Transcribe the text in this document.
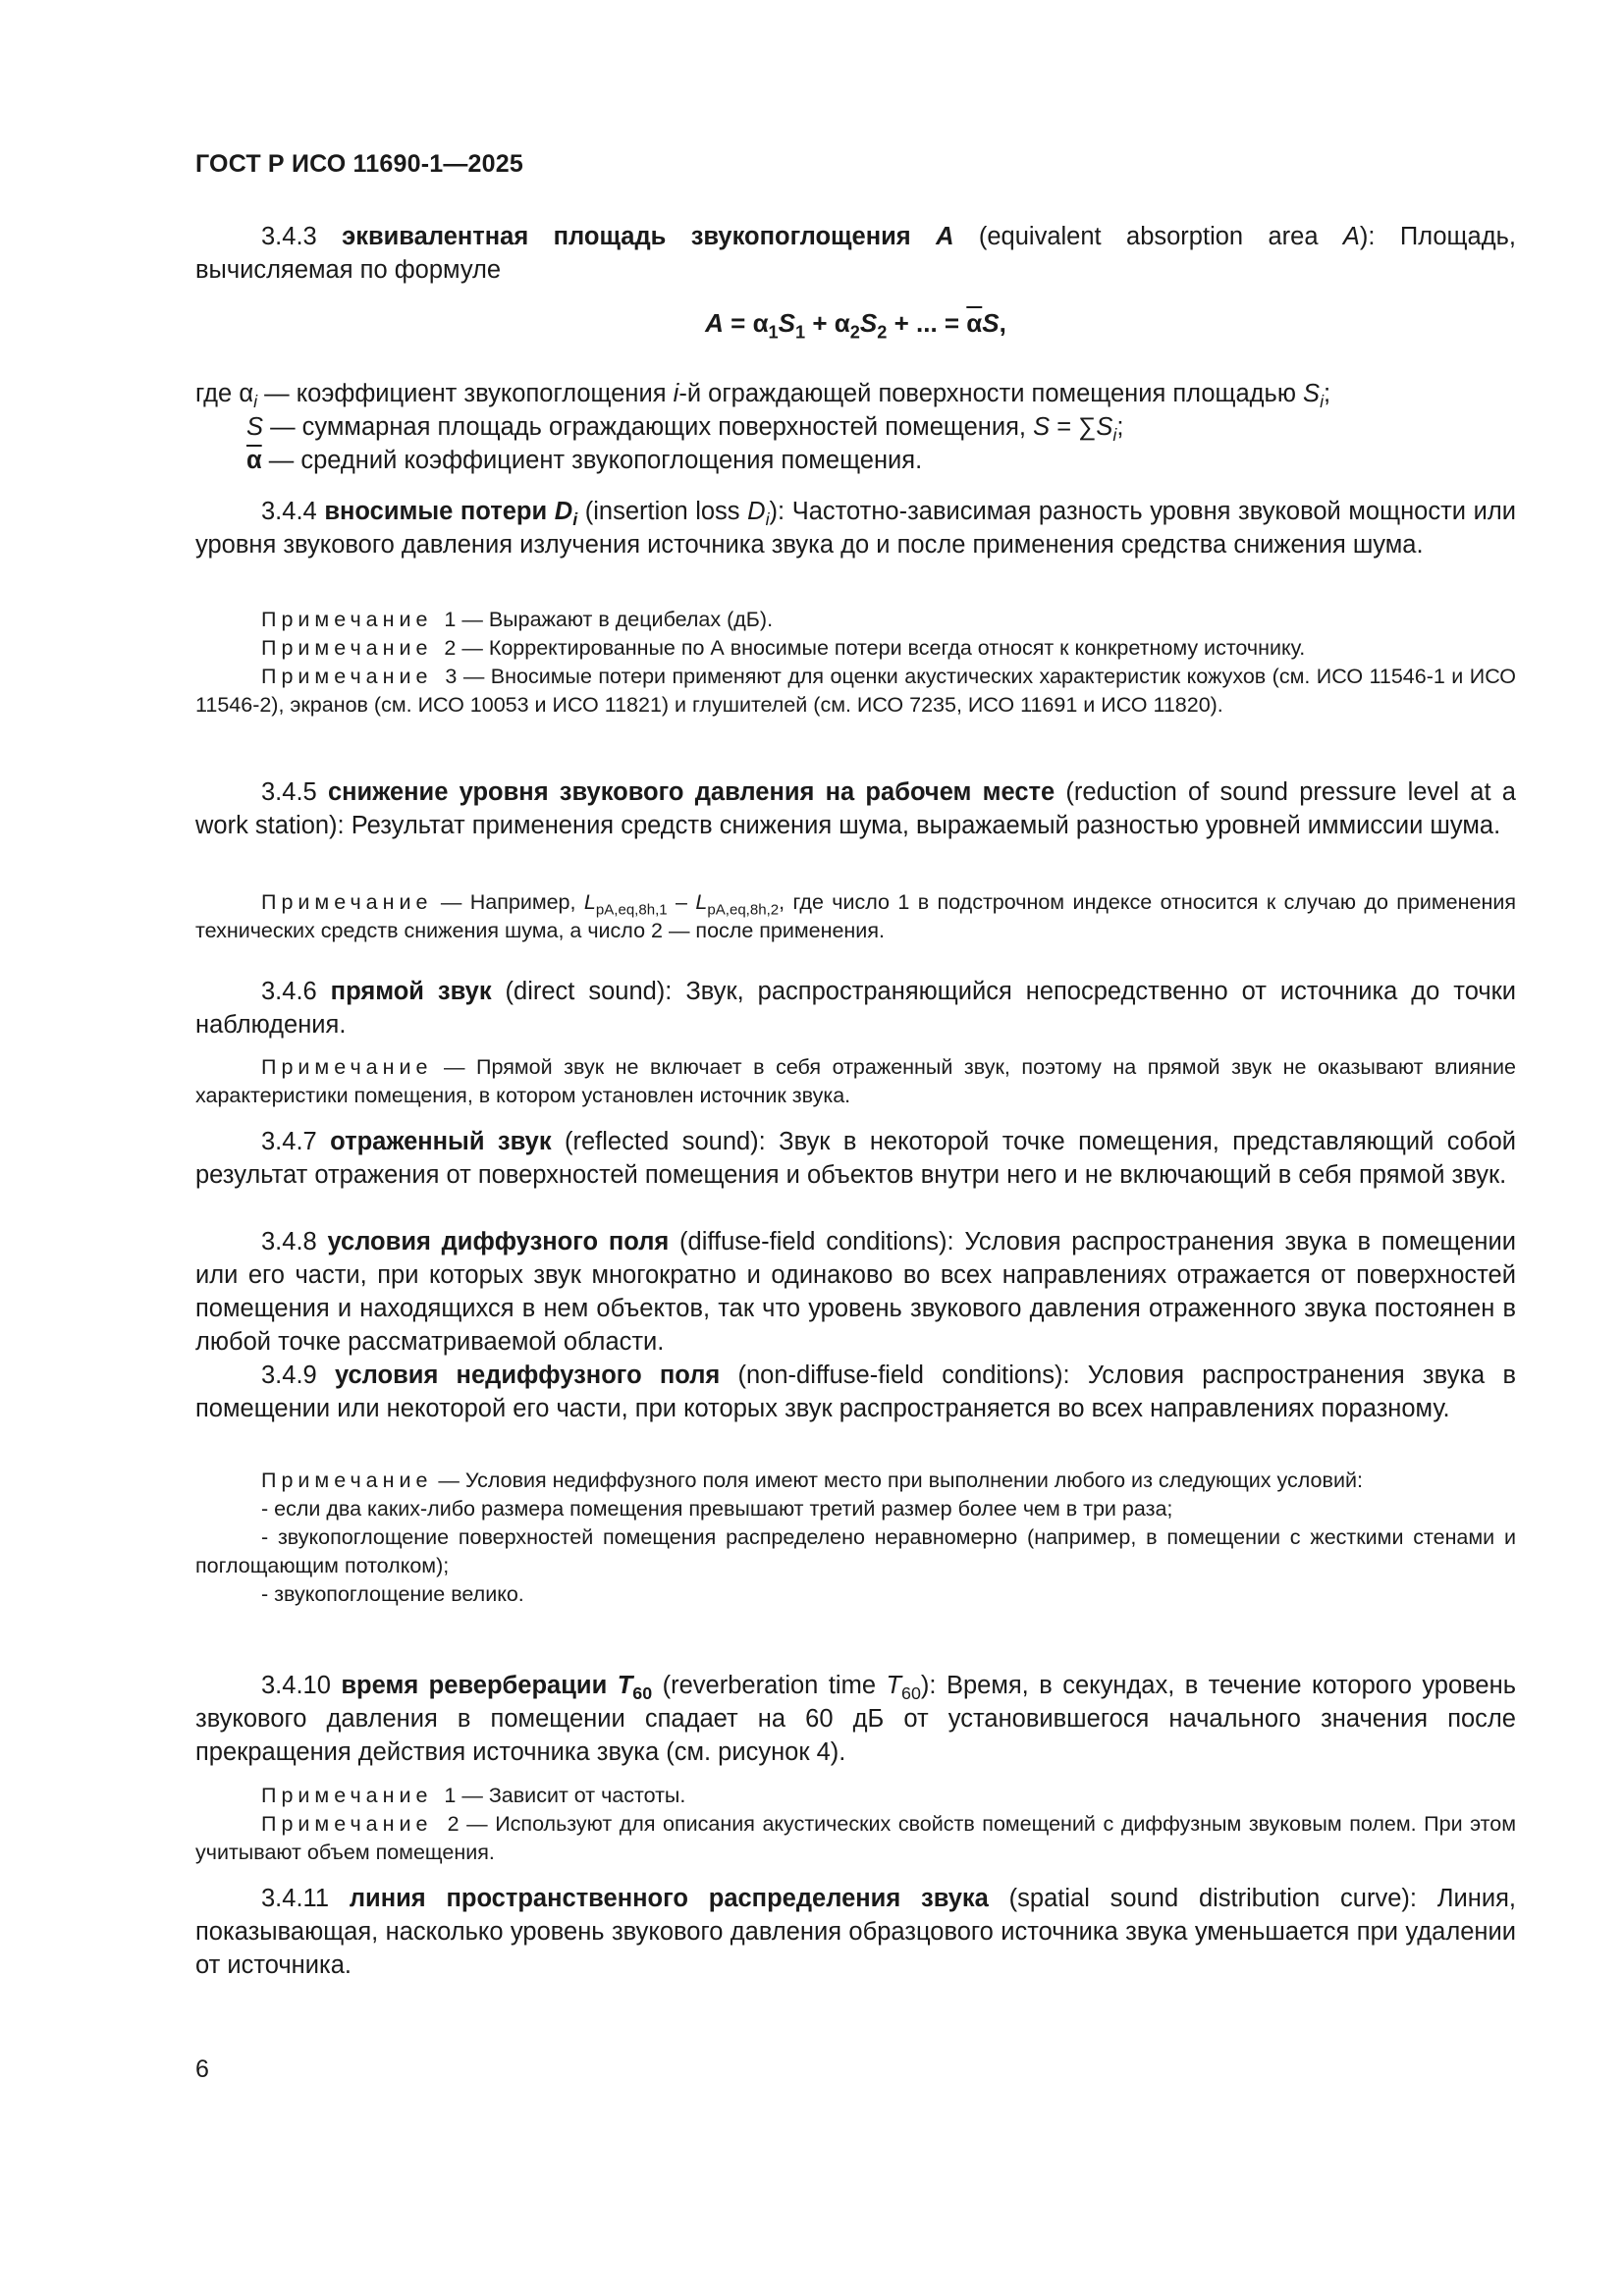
ГОСТ Р ИСО 11690-1—2025
3.4.3 эквивалентная площадь звукопоглощения A (equivalent absorption area A): Площадь, вычисляемая по формуле
$A = \alpha_1S_1 + \alpha_2S_2$ + ... = $\overline{\alpha}S$,
где $\alpha_i$ — коэффициент звукопоглощения i-й ограждающей поверхности помещения площадью $S_i$;
S — суммарная площадь ограждающих поверхностей помещения, $S = \sum S_i$;
$\overline{\alpha}$ — средний коэффициент звукопоглощения помещения.
3.4.4 вносимые потери $D_i$ (insertion loss $D_i$): Частотно-зависимая разность уровня звуковой мощности или уровня звукового давления излучения источника звука до и после применения средства снижения шума.
Примечание 1 — Выражают в децибелах (дБ).
Примечание 2 — Корректированные по А вносимые потери всегда относят к конкретному источнику.
Примечание 3 — Вносимые потери применяют для оценки акустических характеристик кожухов (см. ИСО 11546-1 и ИСО 11546-2), экранов (см. ИСО 10053 и ИСО 11821) и глушителей (см. ИСО 7235, ИСО 11691 и ИСО 11820).
3.4.5 снижение уровня звукового давления на рабочем месте (reduction of sound pressure level at a work station): Результат применения средств снижения шума, выражаемый разностью уровней иммиссии шума.
Примечание — Например, $L_{pA,eq,8h,1} - L_{pA,eq,8h,2}$, где число 1 в подстрочном индексе относится к случаю до применения технических средств снижения шума, а число 2 — после применения.
3.4.6 прямой звук (direct sound): Звук, распространяющийся непосредственно от источника до точки наблюдения.
Примечание — Прямой звук не включает в себя отраженный звук, поэтому на прямой звук не оказывают влияние характеристики помещения, в котором установлен источник звука.
3.4.7 отраженный звук (reflected sound): Звук в некоторой точке помещения, представляющий собой результат отражения от поверхностей помещения и объектов внутри него и не включающий в себя прямой звук.
3.4.8 условия диффузного поля (diffuse-field conditions): Условия распространения звука в помещении или его части, при которых звук многократно и одинаково во всех направлениях отражается от поверхностей помещения и находящихся в нем объектов, так что уровень звукового давления отраженного звука постоянен в любой точке рассматриваемой области.
3.4.9 условия недиффузного поля (non-diffuse-field conditions): Условия распространения звука в помещении или некоторой его части, при которых звук распространяется во всех направлениях поразному.
Примечание — Условия недиффузного поля имеют место при выполнении любого из следующих условий:
- если два каких-либо размера помещения превышают третий размер более чем в три раза;
- звукопоглощение поверхностей помещения распределено неравномерно (например, в помещении с жесткими стенами и поглощающим потолком);
- звукопоглощение велико.
3.4.10 время реверберации $T_{60}$ (reverberation time $T_{60}$): Время, в секундах, в течение которого уровень звукового давления в помещении спадает на 60 дБ от установившегося начального значения после прекращения действия источника звука (см. рисунок 4).
Примечание 1 — Зависит от частоты.
Примечание 2 — Используют для описания акустических свойств помещений с диффузным звуковым полем. При этом учитывают объем помещения.
3.4.11 линия пространственного распределения звука (spatial sound distribution curve): Линия, показывающая, насколько уровень звукового давления образцового источника звука уменьшается при удалении от источника.
6
